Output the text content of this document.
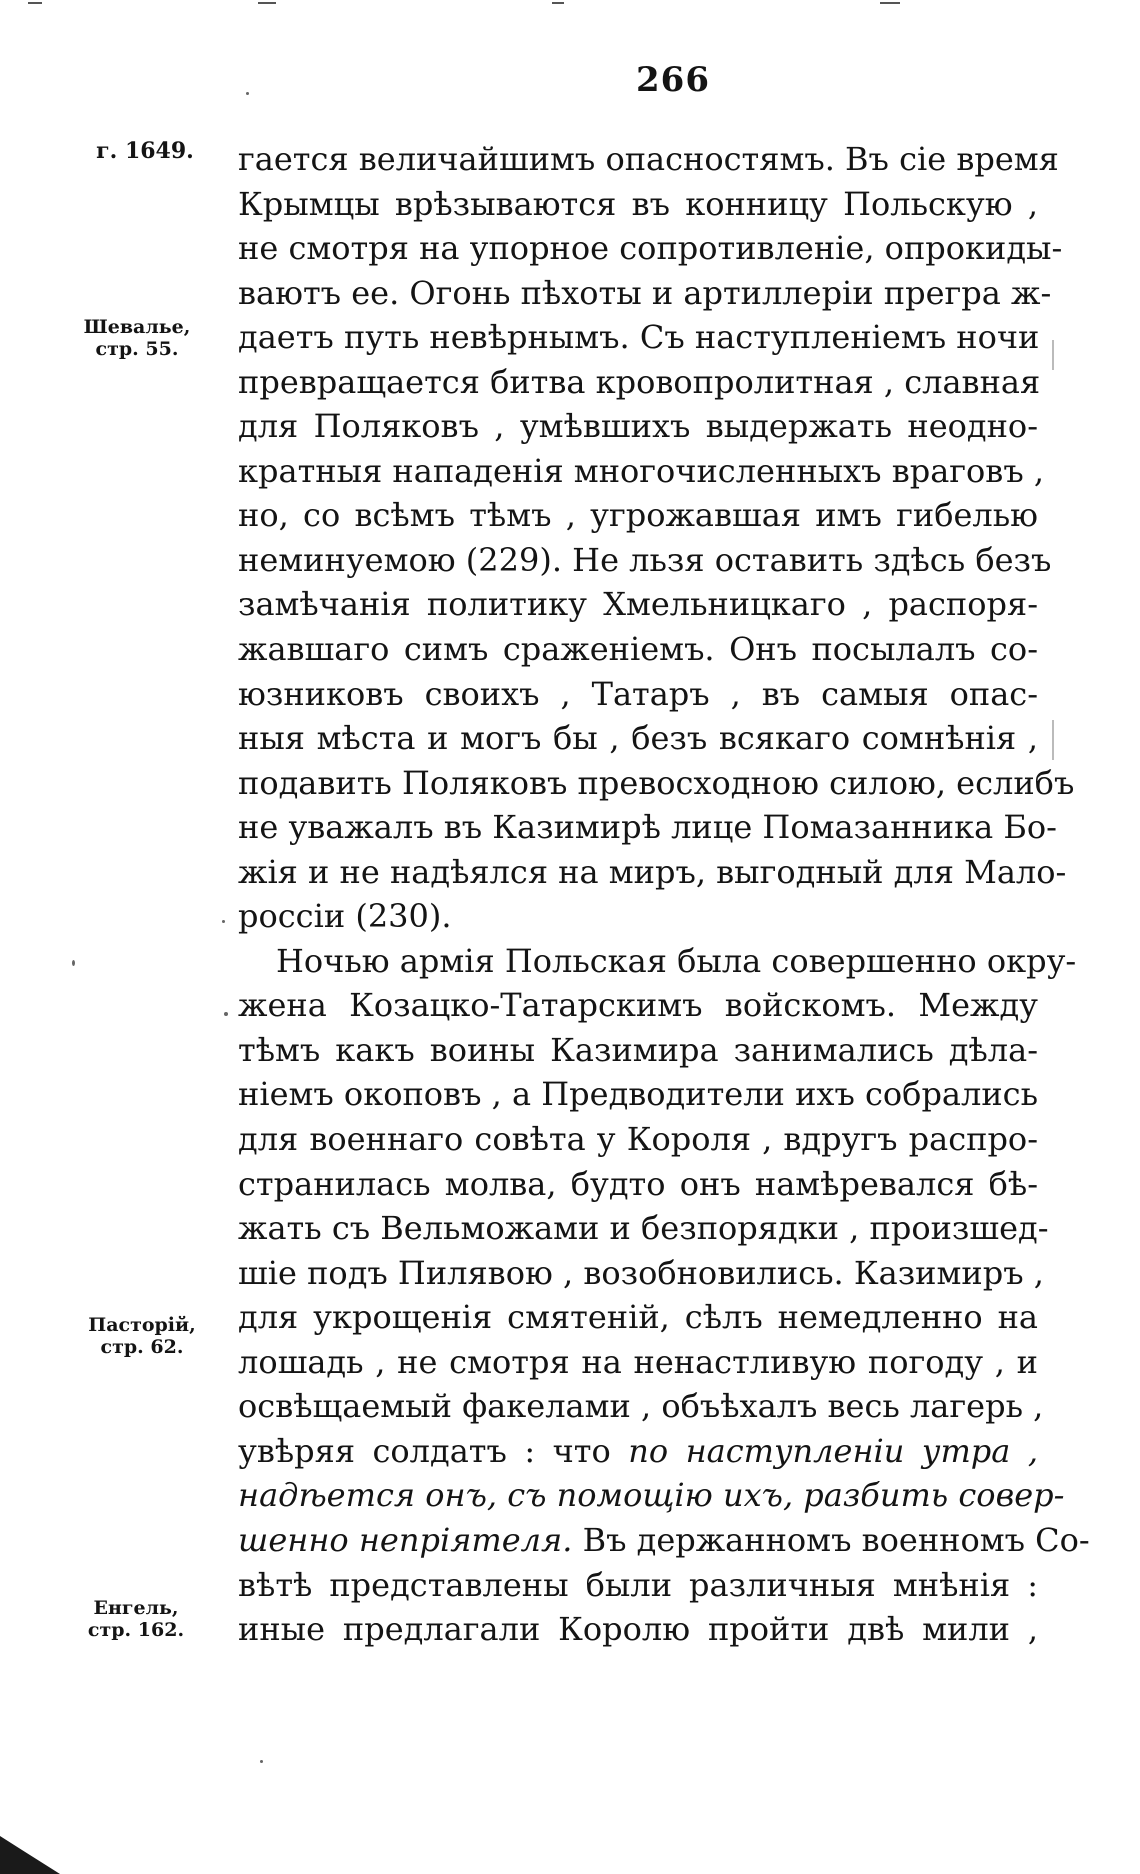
266
г. 1649.
Шевалье, стр. 55.
Пасторій, стр. 62.
Енгель, стр. 162.
гается величайшимъ опасностямъ. Въ сіе время
Крымцы врѣзываются въ конницу Польскую ,
не смотря на упорное сопротивленіе, опрокиды-
ваютъ ее. Огонь пѣхоты и артиллеріи прегра ж-
даетъ путь невѣрнымъ. Съ наступленіемъ ночи
превращается битва кровопролитная , славная
для Поляковъ , умѣвшихъ выдержать неодно-
кратныя нападенія многочисленныхъ враговъ ,
но, со всѣмъ тѣмъ , угрожавшая имъ гибелью
неминуемою (229). Не льзя оставить здѣсь безъ
замѣчанія политику Хмельницкаго , распоря-
жавшаго симъ сраженіемъ. Онъ посылалъ со-
юзниковъ своихъ , Татаръ , въ самыя опас-
ныя мѣста и могъ бы , безъ всякаго сомнѣнія ,
подавить Поляковъ превосходною силою, еслибъ
не уважалъ въ Казимирѣ лице Помазанника Бо-
жія и не надѣялся на миръ, выгодный для Мало-
россіи (230).
Ночью армія Польская была совершенно окру-
жена Козацко-Татарскимъ войскомъ. Между
тѣмъ какъ воины Казимира занимались дѣла-
ніемъ окоповъ , а Предводители ихъ собрались
для военнаго совѣта у Короля , вдругъ распро-
странилась молва, будто онъ намѣревался бѣ-
жать съ Вельможами и безпорядки , произшед-
шіе подъ Пилявою , возобновились. Казимиръ ,
для укрощенія смятеній, сѣлъ немедленно на
лошадь , не смотря на ненастливую погоду , и
освѣщаемый факелами , объѣхалъ весь лагерь ,
увѣряя солдатъ : что по наступленіи утра ,
надѣется онъ, съ помощію ихъ, разбить совер-
шенно непріятеля. Въ держанномъ военномъ Со-
вѣтѣ представлены были различныя мнѣнія :
иные предлагали Королю пройти двѣ мили ,
